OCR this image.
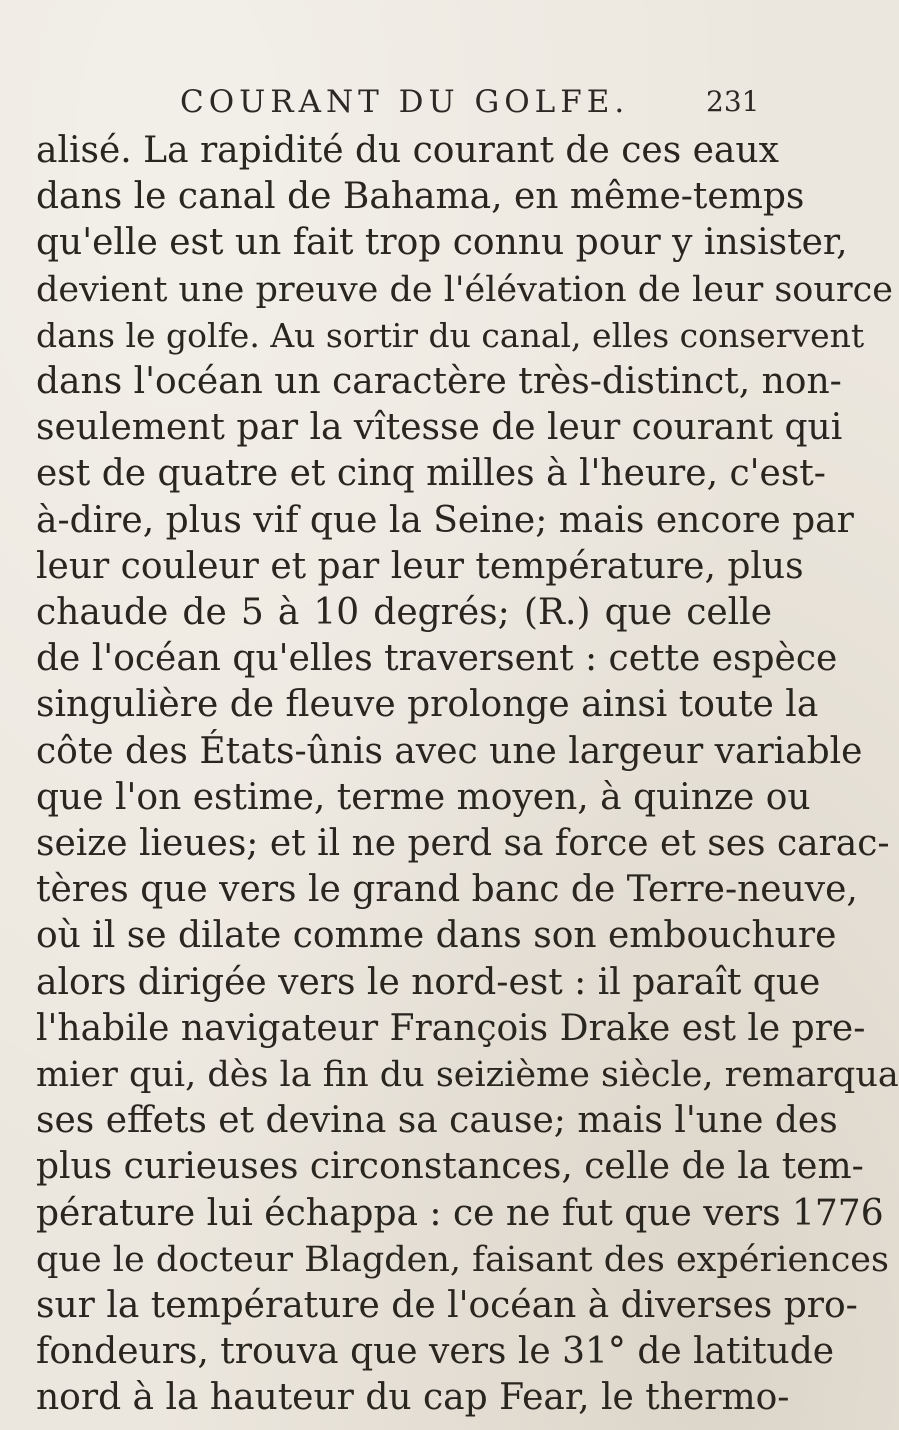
COURANT DU GOLFE.	231
alisé. La rapidité du courant de ces eaux
dans le canal de Bahama, en même-temps
qu'elle est un fait trop connu pour y insister,
devient une preuve de l'élévation de leur source
dans le golfe. Au sortir du canal, elles conservent
dans l'océan un caractère très-distinct, non-
seulement par la vîtesse de leur courant qui
est de quatre et cinq milles à l'heure, c'est-
à-dire, plus vif que la Seine; mais encore par
leur couleur et par leur température, plus
chaude de 5 à 10 degrés; (R.) que celle
de l'océan qu'elles traversent : cette espèce
singulière de fleuve prolonge ainsi toute la
côte des États-ûnis avec une largeur variable
que l'on estime, terme moyen, à quinze ou
seize lieues; et il ne perd sa force et ses carac-
tères que vers le grand banc de Terre-neuve,
où il se dilate comme dans son embouchure
alors dirigée vers le nord-est : il paraît que
l'habile navigateur François Drake est le pre-
mier qui, dès la fin du seizième siècle, remarqua
ses effets et devina sa cause; mais l'une des
plus curieuses circonstances, celle de la tem-
pérature lui échappa : ce ne fut que vers 1776
que le docteur Blagden, faisant des expériences
sur la température de l'océan à diverses pro-
fondeurs, trouva que vers le 31° de latitude
nord à la hauteur du cap Fear, le thermo-
